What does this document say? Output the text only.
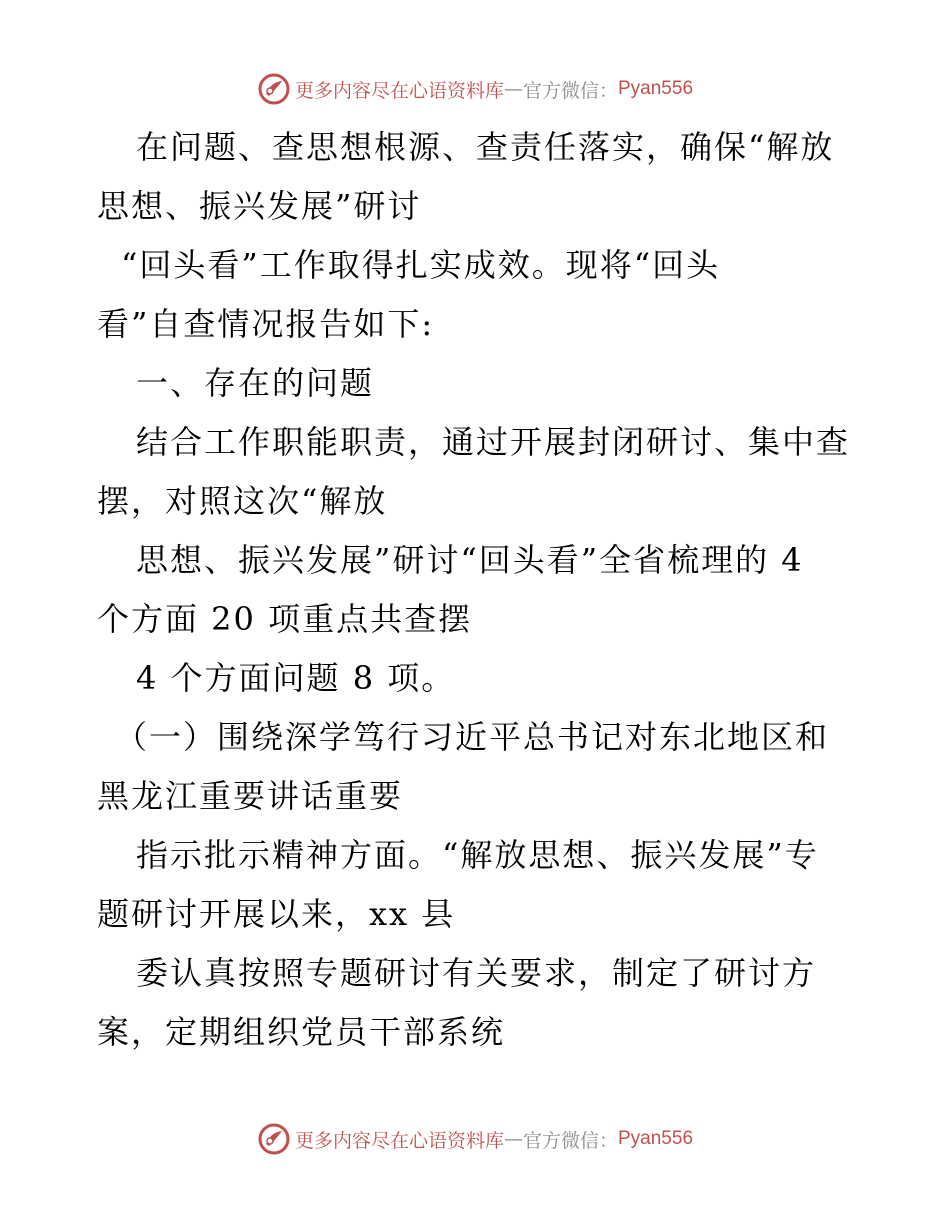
更多内容尽在心语资料库 — 官方微信： Pyan556
在问题、查思想根源、查责任落实，确保“解放
思想、振兴发展”研讨
“回头看”工作取得扎实成效。现将“回头
看”自查情况报告如下:
一、存在的问题
结合工作职能职责，通过开展封闭研讨、集中查
摆，对照这次“解放
思想、振兴发展”研讨“回头看”全省梳理的 4
个方面 20 项重点共查摆
4 个方面问题 8 项。
（一）围绕深学笃行习近平总书记对东北地区和
黑龙江重要讲话重要
指示批示精神方面。“解放思想、振兴发展”专
题研讨开展以来，xx 县
委认真按照专题研讨有关要求，制定了研讨方
案，定期组织党员干部系统
更多内容尽在心语资料库 — 官方微信： Pyan556
